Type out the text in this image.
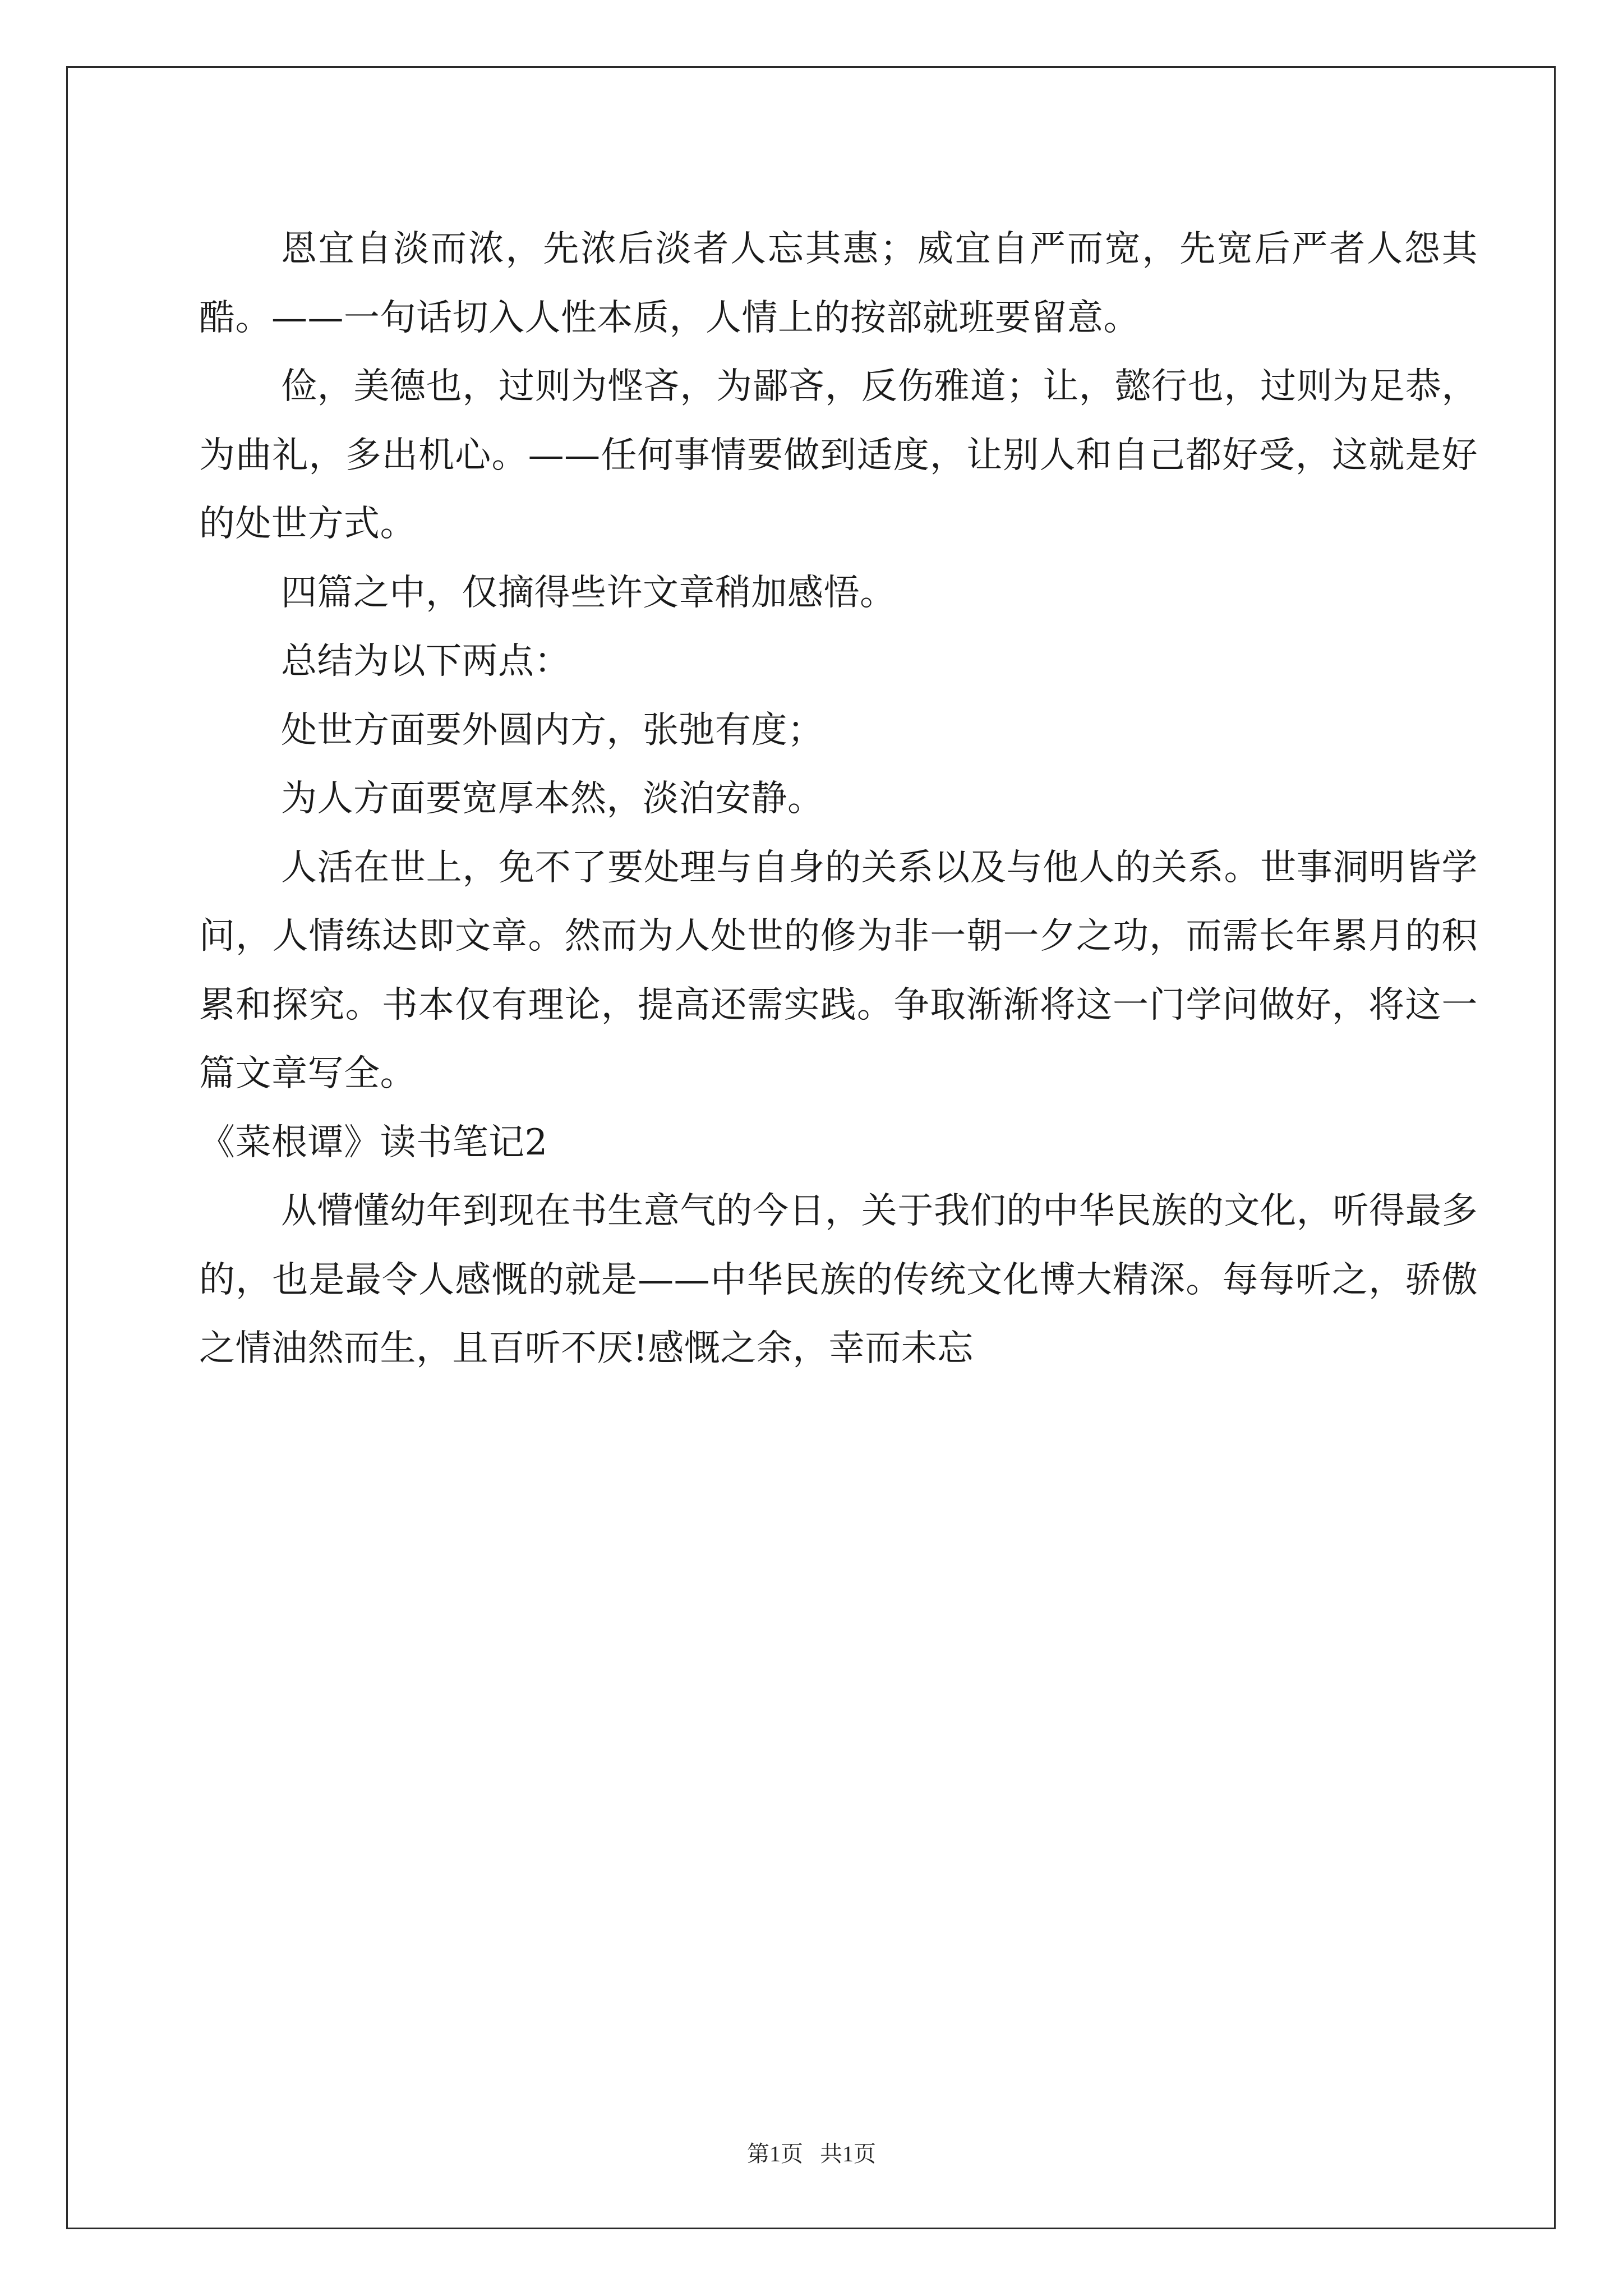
恩宜自淡而浓，先浓后淡者人忘其惠；威宜自严而宽，先宽后严者人怨其酷。——一句话切入人性本质，人情上的按部就班要留意。

俭，美德也，过则为悭吝，为鄙吝，反伤雅道；让，懿行也，过则为足恭，为曲礼，多出机心。——任何事情要做到适度，让别人和自己都好受，这就是好的处世方式。

四篇之中，仅摘得些许文章稍加感悟。

总结为以下两点：

处世方面要外圆内方，张弛有度；

为人方面要宽厚本然，淡泊安静。

人活在世上，免不了要处理与自身的关系以及与他人的关系。世事洞明皆学问，人情练达即文章。然而为人处世的修为非一朝一夕之功，而需长年累月的积累和探究。书本仅有理论，提高还需实践。争取渐渐将这一门学问做好，将这一篇文章写全。

《菜根谭》读书笔记2

从懵懂幼年到现在书生意气的今日，关于我们的中华民族的文化，听得最多的，也是最令人感慨的就是——中华民族的传统文化博大精深。每每听之，骄傲之情油然而生，且百听不厌!感慨之余，幸而未忘

第1页 共1页
